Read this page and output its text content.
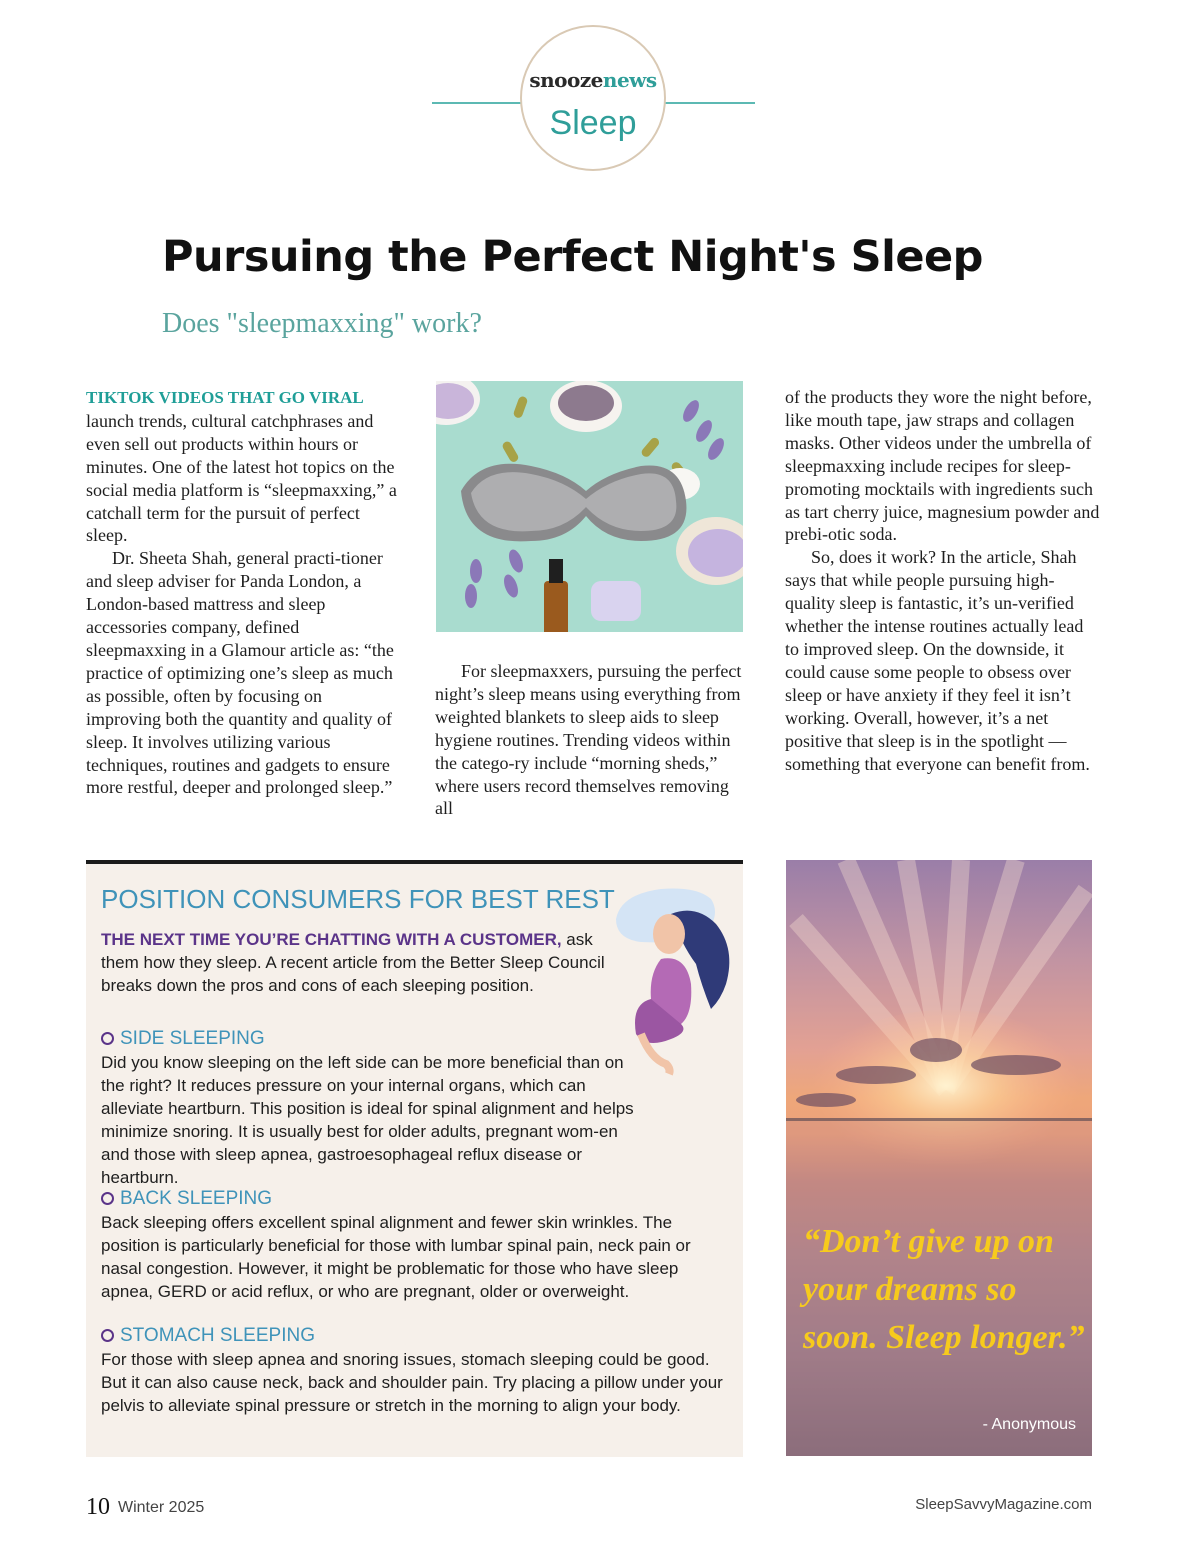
snoozenews
Sleep
Pursuing the Perfect Night's Sleep
Does "sleepmaxxing" work?

TIKTOK VIDEOS THAT GO VIRAL launch trends, cultural catchphrases and even sell out products within hours or minutes. One of the latest hot topics on the social media platform is “sleepmaxxing,” a catchall term for the pursuit of perfect sleep.

Dr. Sheeta Shah, general practi-tioner and sleep adviser for Panda London, a London-based mattress and sleep accessories company, defined sleepmaxxing in a Glamour article as: “the practice of optimizing one’s sleep as much as possible, often by focusing on improving both the quantity and quality of sleep. It involves utilizing various techniques, routines and gadgets to ensure more restful, deeper and prolonged sleep.”

For sleepmaxxers, pursuing the perfect night’s sleep means using everything from weighted blankets to sleep aids to sleep hygiene routines. Trending videos within the catego-ry include “morning sheds,” where users record themselves removing all

of the products they wore the night before, like mouth tape, jaw straps and collagen masks. Other videos under the umbrella of sleepmaxxing include recipes for sleep-promoting mocktails with ingredients such as tart cherry juice, magnesium powder and prebi-otic soda.

So, does it work? In the article, Shah says that while people pursuing high-quality sleep is fantastic, it’s un-verified whether the intense routines actually lead to improved sleep. On the downside, it could cause some people to obsess over sleep or have anxiety if they feel it isn’t working. Overall, however, it’s a net positive that sleep is in the spotlight — something that everyone can benefit from.

POSITION CONSUMERS FOR BEST REST
THE NEXT TIME YOU’RE CHATTING WITH A CUSTOMER, ask them how they sleep. A recent article from the Better Sleep Council breaks down the pros and cons of each sleeping position.
SIDE SLEEPING
Did you know sleeping on the left side can be more beneficial than on the right? It reduces pressure on your internal organs, which can alleviate heartburn. This position is ideal for spinal alignment and helps minimize snoring. It is usually best for older adults, pregnant wom-en and those with sleep apnea, gastroesophageal reflux disease or heartburn.
BACK SLEEPING
Back sleeping offers excellent spinal alignment and fewer skin wrinkles. The position is particularly beneficial for those with lumbar spinal pain, neck pain or nasal congestion. However, it might be problematic for those who have sleep apnea, GERD or acid reflux, or who are pregnant, older or overweight.
STOMACH SLEEPING
For those with sleep apnea and snoring issues, stomach sleeping could be good. But it can also cause neck, back and shoulder pain. Try placing a pillow under your pelvis to alleviate spinal pressure or stretch in the morning to align your body.
“Don’t give up on your dreams so soon. Sleep longer.”
- Anonymous
10 Winter 2025	SleepSavvyMagazine.com
